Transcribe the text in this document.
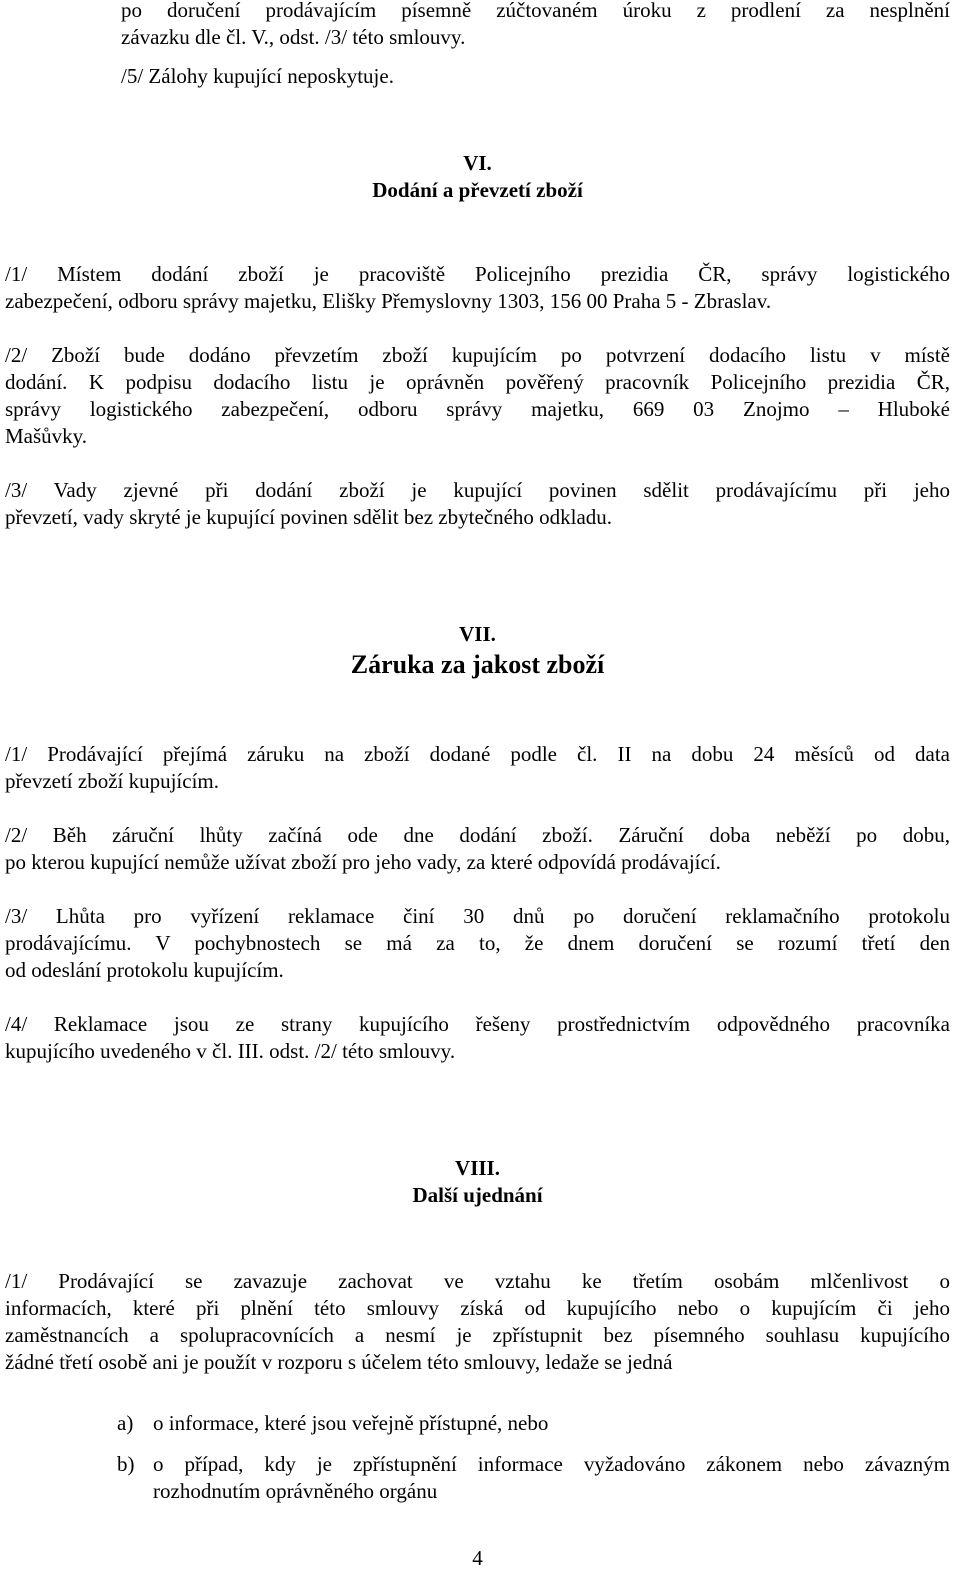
po doručení prodávajícím písemně zúčtovaném úroku z prodlení za nesplnění
závazku dle čl. V., odst. /3/ této smlouvy.
/5/ Zálohy kupující neposkytuje.
VI.
Dodání a převzetí zboží
/1/ Místem dodání zboží je pracoviště Policejního prezidia ČR, správy logistického
zabezpečení, odboru správy majetku, Elišky Přemyslovny 1303, 156 00 Praha 5 - Zbraslav.
/2/ Zboží bude dodáno převzetím zboží kupujícím po potvrzení dodacího listu v místě
dodání. K podpisu dodacího listu je oprávněn pověřený pracovník Policejního prezidia ČR,
správy logistického zabezpečení, odboru správy majetku, 669 03 Znojmo – Hluboké
Mašůvky.
/3/ Vady zjevné při dodání zboží je kupující povinen sdělit prodávajícímu při jeho
převzetí, vady skryté je kupující povinen sdělit bez zbytečného odkladu.
VII.
Záruka za jakost zboží
/1/ Prodávající přejímá záruku na zboží dodané podle čl. II na dobu 24 měsíců od data
převzetí zboží kupujícím.
/2/ Běh záruční lhůty začíná ode dne dodání zboží. Záruční doba neběží po dobu,
po kterou kupující nemůže užívat zboží pro jeho vady, za které odpovídá prodávající.
/3/ Lhůta pro vyřízení reklamace činí 30 dnů po doručení reklamačního protokolu
prodávajícímu. V pochybnostech se má za to, že dnem doručení se rozumí třetí den
od odeslání protokolu kupujícím.
/4/ Reklamace jsou ze strany kupujícího řešeny prostřednictvím odpovědného pracovníka
kupujícího uvedeného v čl. III. odst. /2/ této smlouvy.
VIII.
Další ujednání
/1/ Prodávající se zavazuje zachovat ve vztahu ke třetím osobám mlčenlivost o
informacích, které při plnění této smlouvy získá od kupujícího nebo o kupujícím či jeho
zaměstnancích a spolupracovnících a nesmí je zpřístupnit bez písemného souhlasu kupujícího
žádné třetí osobě ani je použít v rozporu s účelem této smlouvy, ledaže se jedná
a) o informace, které jsou veřejně přístupné, nebo
b) o případ, kdy je zpřístupnění informace vyžadováno zákonem nebo závazným
rozhodnutím oprávněného orgánu
4
